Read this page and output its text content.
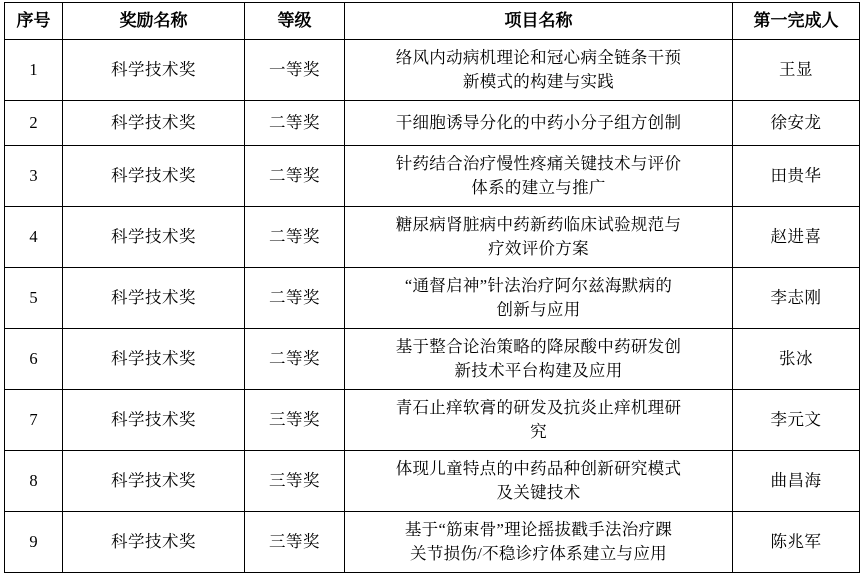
序号	奖励名称	等级	项目名称	第一完成人
1	科学技术奖	一等奖	络风内动病机理论和冠心病全链条干预
新模式的构建与实践	王显
2	科学技术奖	二等奖	干细胞诱导分化的中药小分子组方创制	徐安龙
3	科学技术奖	二等奖	针药结合治疗慢性疼痛关键技术与评价
体系的建立与推广	田贵华
4	科学技术奖	二等奖	糖尿病肾脏病中药新药临床试验规范与
疗效评价方案	赵进喜
5	科学技术奖	二等奖	“通督启神”针法治疗阿尔兹海默病的
创新与应用	李志刚
6	科学技术奖	二等奖	基于整合论治策略的降尿酸中药研发创
新技术平台构建及应用	张冰
7	科学技术奖	三等奖	青石止痒软膏的研发及抗炎止痒机理研
究	李元文
8	科学技术奖	三等奖	体现儿童特点的中药品种创新研究模式
及关键技术	曲昌海
9	科学技术奖	三等奖	基于“筋束骨”理论摇拔戳手法治疗踝
关节损伤/不稳诊疗体系建立与应用	陈兆军
